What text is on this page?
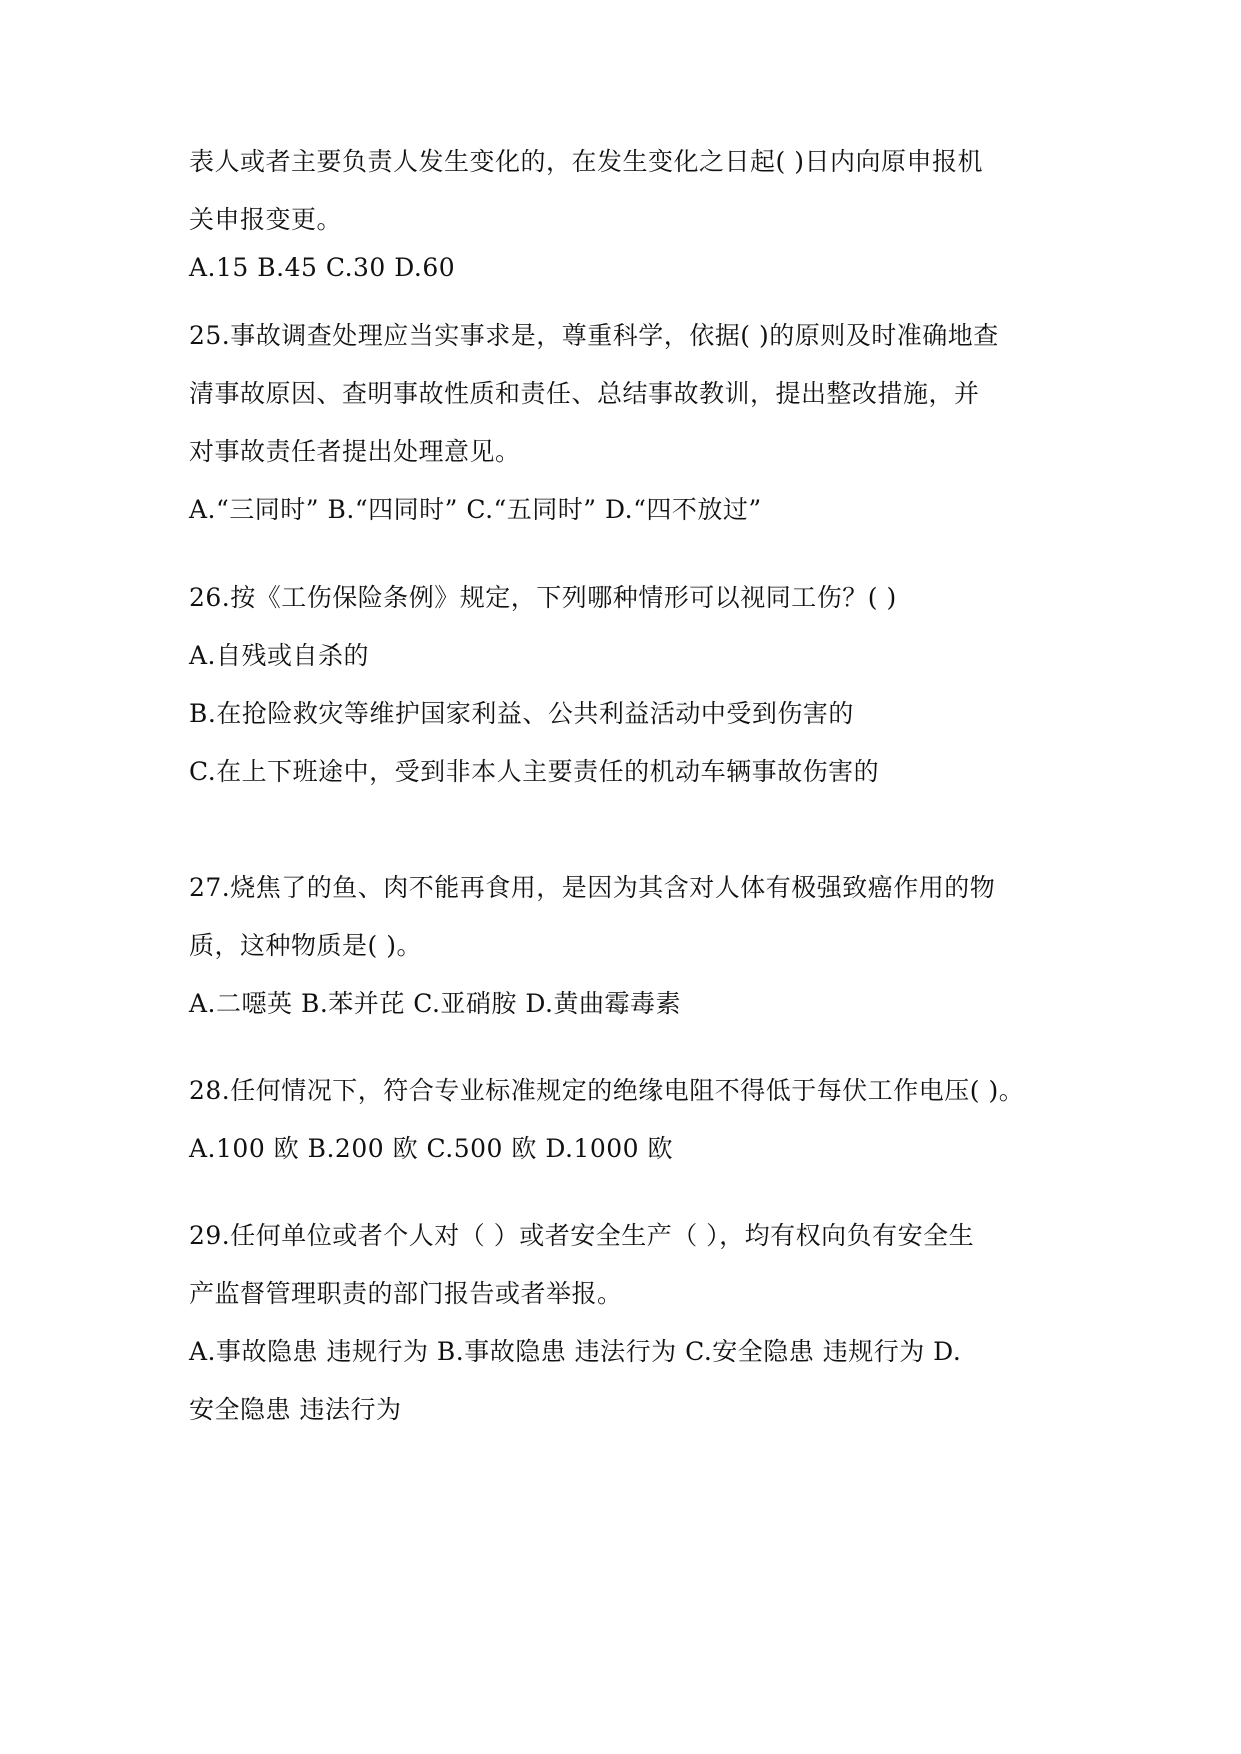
表人或者主要负责人发生变化的，在发生变化之日起( )日内向原申报机
关申报变更。
A.15 B.45 C.30 D.60
25.事故调查处理应当实事求是，尊重科学，依据( )的原则及时准确地查
清事故原因、查明事故性质和责任、总结事故教训，提出整改措施，并
对事故责任者提出处理意见。
A.“三同时” B.“四同时” C.“五同时” D.“四不放过”
26.按《工伤保险条例》规定，下列哪种情形可以视同工伤？( )
A.自残或自杀的
B.在抢险救灾等维护国家利益、公共利益活动中受到伤害的
C.在上下班途中，受到非本人主要责任的机动车辆事故伤害的
27.烧焦了的鱼、肉不能再食用，是因为其含对人体有极强致癌作用的物
质，这种物质是( )。
A.二噁英 B.苯并芘 C.亚硝胺 D.黄曲霉毒素
28.任何情况下，符合专业标准规定的绝缘电阻不得低于每伏工作电压( )。
A.100 欧 B.200 欧 C.500 欧 D.1000 欧
29.任何单位或者个人对（ ）或者安全生产（ ），均有权向负有安全生
产监督管理职责的部门报告或者举报。
A.事故隐患 违规行为 B.事故隐患 违法行为 C.安全隐患 违规行为 D.
安全隐患 违法行为
